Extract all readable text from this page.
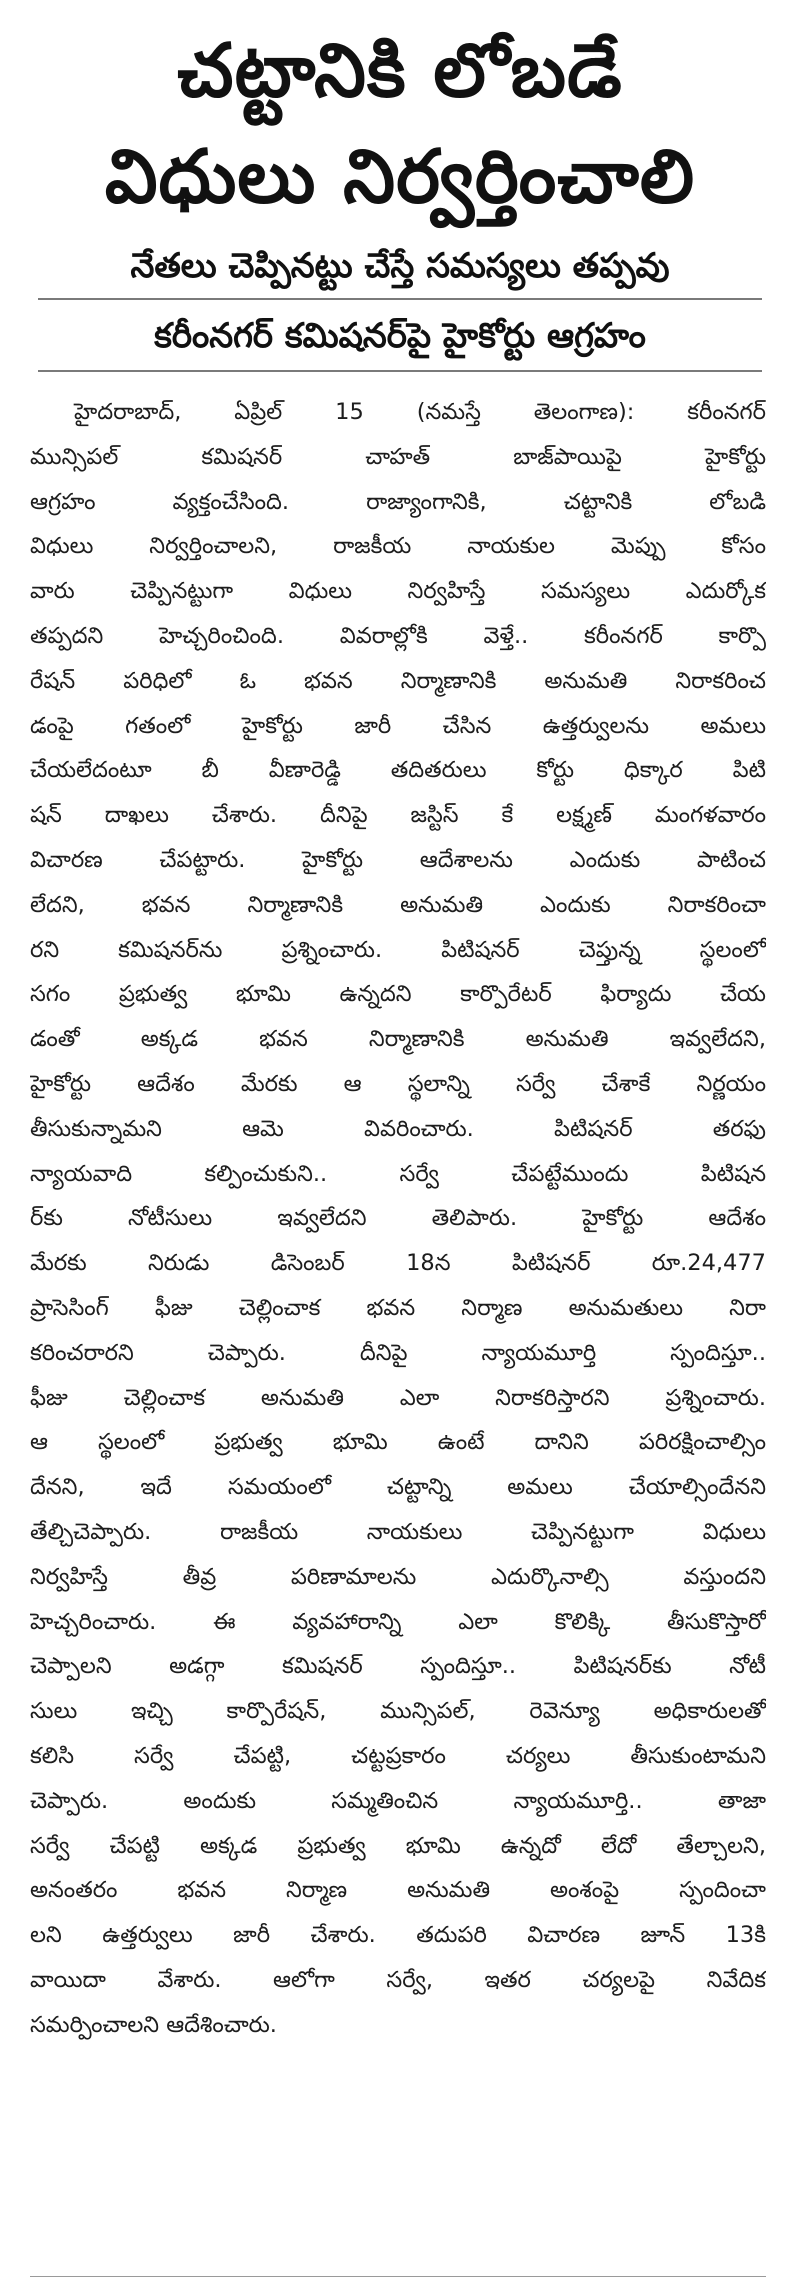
చట్టానికి లోబడే
విధులు నిర్వర్తించాలి
నేతలు చెప్పినట్టు చేస్తే సమస్యలు తప్పవు
కరీంనగర్ కమిషనర్‌పై హైకోర్టు ఆగ్రహం
హైదరాబాద్, ఏప్రిల్ 15 (నమస్తే తెలంగాణ): కరీంనగర్
మున్సిపల్ కమిషనర్ చాహత్ బాజ్‌పాయిపై హైకోర్టు
ఆగ్రహం వ్యక్తంచేసింది. రాజ్యాంగానికి, చట్టానికి లోబడి
విధులు నిర్వర్తించాలని, రాజకీయ నాయకుల మెప్పు కోసం
వారు చెప్పినట్టుగా విధులు నిర్వహిస్తే సమస్యలు ఎదుర్కోక
తప్పదని హెచ్చరించింది. వివరాల్లోకి వెళ్తే.. కరీంనగర్ కార్పొ
రేషన్ పరిధిలో ఓ భవన నిర్మాణానికి అనుమతి నిరాకరించ
డంపై గతంలో హైకోర్టు జారీ చేసిన ఉత్తర్వులను అమలు
చేయలేదంటూ బీ వీణారెడ్డి తదితరులు కోర్టు ధిక్కార పిటి
షన్ దాఖలు చేశారు. దీనిపై జస్టిస్ కే లక్ష్మణ్ మంగళవారం
విచారణ చేపట్టారు. హైకోర్టు ఆదేశాలను ఎందుకు పాటించ
లేదని, భవన నిర్మాణానికి అనుమతి ఎందుకు నిరాకరించా
రని కమిషనర్‌ను ప్రశ్నించారు. పిటిషనర్ చెప్తున్న స్థలంలో
సగం ప్రభుత్వ భూమి ఉన్నదని కార్పొరేటర్ ఫిర్యాదు చేయ
డంతో అక్కడ భవన నిర్మాణానికి అనుమతి ఇవ్వలేదని,
హైకోర్టు ఆదేశం మేరకు ఆ స్థలాన్ని సర్వే చేశాకే నిర్ణయం
తీసుకున్నామని ఆమె వివరించారు. పిటిషనర్ తరఫు
న్యాయవాది కల్పించుకుని.. సర్వే చేపట్టేముందు పిటిషన
ర్‌కు నోటీసులు ఇవ్వలేదని తెలిపారు. హైకోర్టు ఆదేశం
మేరకు నిరుడు డిసెంబర్ 18న పిటిషనర్ రూ.24,477
ప్రాసెసింగ్ ఫీజు చెల్లించాక భవన నిర్మాణ అనుమతులు నిరా
కరించరారని చెప్పారు. దీనిపై న్యాయమూర్తి స్పందిస్తూ..
ఫీజు చెల్లించాక అనుమతి ఎలా నిరాకరిస్తారని ప్రశ్నించారు.
ఆ స్థలంలో ప్రభుత్వ భూమి ఉంటే దానిని పరిరక్షించాల్సిం
దేనని, ఇదే సమయంలో చట్టాన్ని అమలు చేయాల్సిందేనని
తేల్చిచెప్పారు. రాజకీయ నాయకులు చెప్పినట్టుగా విధులు
నిర్వహిస్తే తీవ్ర పరిణామాలను ఎదుర్కొనాల్సి వస్తుందని
హెచ్చరించారు. ఈ వ్యవహారాన్ని ఎలా కొలిక్కి తీసుకొస్తారో
చెప్పాలని అడగ్గా కమిషనర్ స్పందిస్తూ.. పిటిషనర్‌కు నోటీ
సులు ఇచ్చి కార్పొరేషన్, మున్సిపల్, రెవెన్యూ అధికారులతో
కలిసి సర్వే చేపట్టి, చట్టప్రకారం చర్యలు తీసుకుంటామని
చెప్పారు. అందుకు సమ్మతించిన న్యాయమూర్తి.. తాజా
సర్వే చేపట్టి అక్కడ ప్రభుత్వ భూమి ఉన్నదో లేదో తేల్చాలని,
అనంతరం భవన నిర్మాణ అనుమతి అంశంపై స్పందించా
లని ఉత్తర్వులు జారీ చేశారు. తదుపరి విచారణ జూన్ 13కి
వాయిదా వేశారు. ఆలోగా సర్వే, ఇతర చర్యలపై నివేదిక
సమర్పించాలని ఆదేశించారు.
